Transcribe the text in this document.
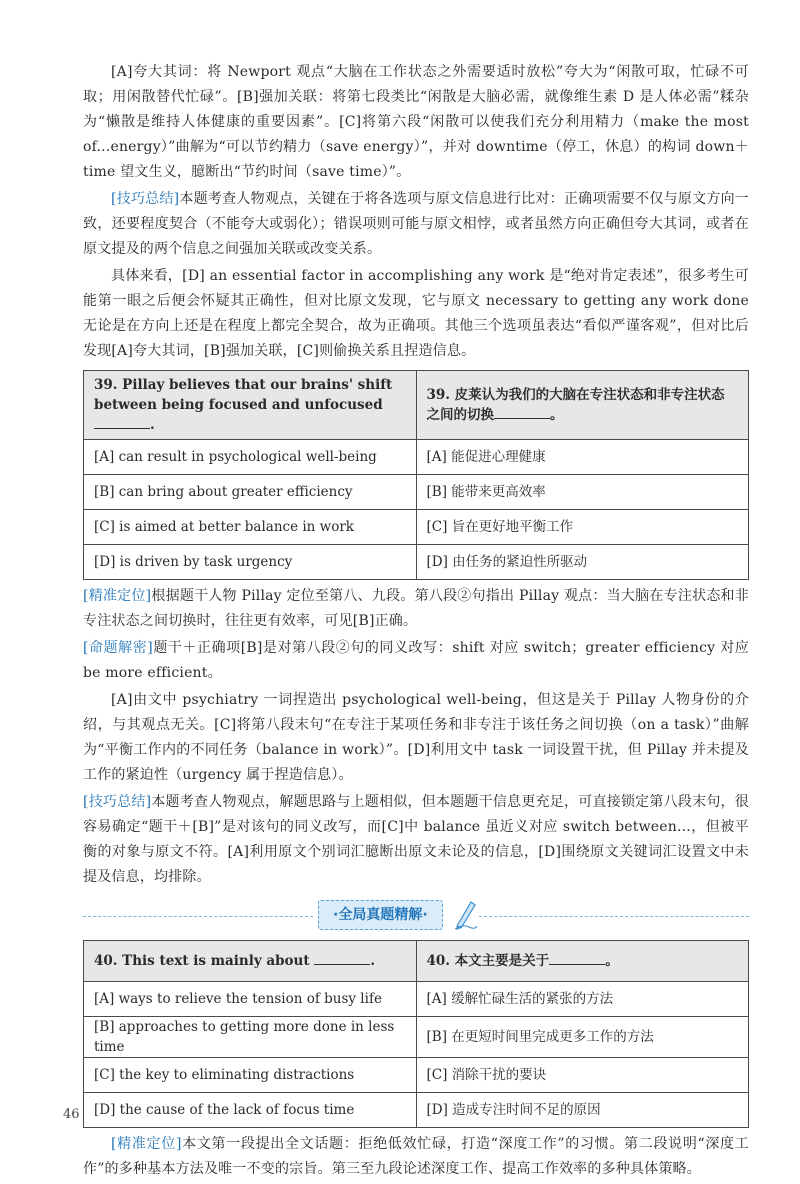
[A]夸大其词：将 Newport 观点“大脑在工作状态之外需要适时放松”夸大为“闲散可取，忙碌不可取；用闲散替代忙碌”。[B]强加关联：将第七段类比“闲散是大脑必需，就像维生素 D 是人体必需”糅杂为“懒散是维持人体健康的重要因素”。[C]将第六段“闲散可以使我们充分利用精力（make the most of...energy）”曲解为“可以节约精力（save energy）”，并对 downtime（停工，休息）的构词 down＋time 望文生义，臆断出“节约时间（save time）”。

[技巧总结]本题考查人物观点，关键在于将各选项与原文信息进行比对：正确项需要不仅与原文方向一致，还要程度契合（不能夸大或弱化）；错误项则可能与原文相悖，或者虽然方向正确但夸大其词，或者在原文提及的两个信息之间强加关联或改变关系。

具体来看，[D] an essential factor in accomplishing any work 是“绝对肯定表述”，很多考生可能第一眼之后便会怀疑其正确性，但对比原文发现，它与原文 necessary to getting any work done 无论是在方向上还是在程度上都完全契合，故为正确项。其他三个选项虽表达“看似严谨客观”，但对比后发现[A]夸大其词，[B]强加关联，[C]则偷换关系且捏造信息。

39. Pillay believes that our brains' shift between being focused and unfocused .	39. 皮莱认为我们的大脑在专注状态和非专注状态之间的切换 。
[A] can result in psychological well-being	[A] 能促进心理健康
[B] can bring about greater efficiency	[B] 能带来更高效率
[C] is aimed at better balance in work	[C] 旨在更好地平衡工作
[D] is driven by task urgency	[D] 由任务的紧迫性所驱动

[精准定位]根据题干人物 Pillay 定位至第八、九段。第八段②句指出 Pillay 观点：当大脑在专注状态和非专注状态之间切换时，往往更有效率，可见[B]正确。

[命题解密]题干＋正确项[B]是对第八段②句的同义改写：shift 对应 switch；greater efficiency 对应 be more efficient。

[A]由文中 psychiatry 一词捏造出 psychological well-being，但这是关于 Pillay 人物身份的介绍，与其观点无关。[C]将第八段末句“在专注于某项任务和非专注于该任务之间切换（on a task）”曲解为“平衡工作内的不同任务（balance in work）”。[D]利用文中 task 一词设置干扰，但 Pillay 并未提及工作的紧迫性（urgency 属于捏造信息）。

[技巧总结]本题考查人物观点，解题思路与上题相似，但本题题干信息更充足，可直接锁定第八段末句，很容易确定“题干＋[B]”是对该句的同义改写，而[C]中 balance 虽近义对应 switch between...，但被平衡的对象与原文不符。[A]利用原文个别词汇臆断出原文未论及的信息，[D]围绕原文关键词汇设置文中未提及信息，均排除。

·全局真题精解·
40. This text is mainly about .	40. 本文主要是关于 。
[A] ways to relieve the tension of busy life	[A] 缓解忙碌生活的紧张的方法
[B] approaches to getting more done in less time	[B] 在更短时间里完成更多工作的方法
[C] the key to eliminating distractions	[C] 消除干扰的要诀
[D] the cause of the lack of focus time	[D] 造成专注时间不足的原因

[精准定位]本文第一段提出全文话题：拒绝低效忙碌，打造“深度工作”的习惯。第二段说明“深度工作”的多种基本方法及唯一不变的宗旨。第三至九段论述深度工作、提高工作效率的多种具体策略。

46
